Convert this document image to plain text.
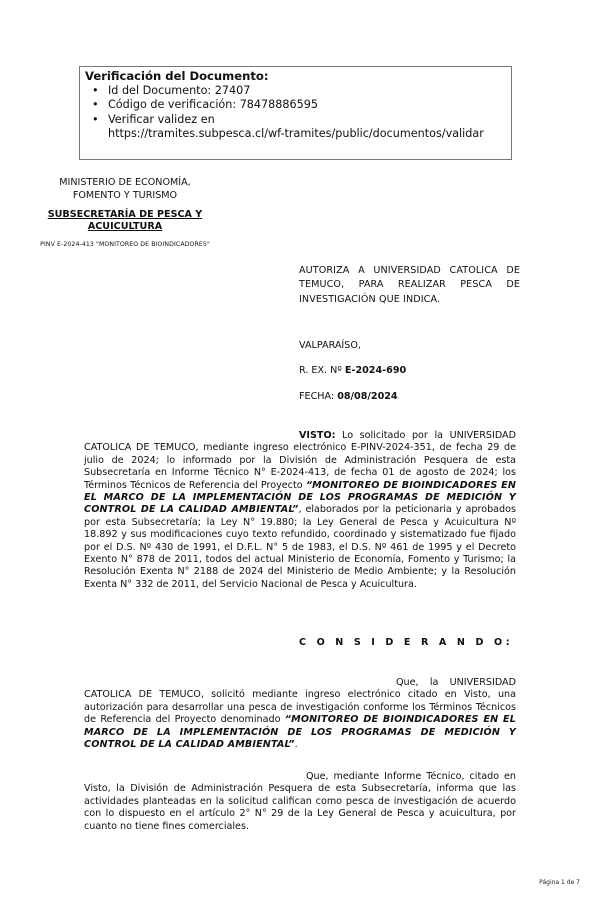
Verificación del Documento:
• Id del Documento: 27407
• Código de verificación: 78478886595
• Verificar validez en
https://tramites.subpesca.cl/wf-tramites/public/documentos/validar
MINISTERIO DE ECONOMÍA,
FOMENTO Y TURISMO
SUBSECRETARÍA DE PESCA Y ACUICULTURA
PINV E-2024-413 "MONITOREO DE BIOINDICADORES"
AUTORIZA A UNIVERSIDAD CATOLICA DE TEMUCO, PARA REALIZAR PESCA DE INVESTIGACIÓN QUE INDICA.
VALPARAÍSO,
R. EX. Nº E-2024-690
FECHA: 08/08/2024
VISTO: Lo solicitado por la UNIVERSIDAD CATOLICA DE TEMUCO, mediante ingreso electrónico E-PINV-2024-351, de fecha 29 de julio de 2024; lo informado por la División de Administración Pesquera de esta Subsecretaría en Informe Técnico N° E-2024-413, de fecha 01 de agosto de 2024; los Términos Técnicos de Referencia del Proyecto “MONITOREO DE BIOINDICADORES EN EL MARCO DE LA IMPLEMENTACIÓN DE LOS PROGRAMAS DE MEDICIÓN Y CONTROL DE LA CALIDAD AMBIENTAL”, elaborados por la peticionaria y aprobados por esta Subsecretaría; la Ley N° 19.880; la Ley General de Pesca y Acuicultura Nº 18.892 y sus modificaciones cuyo texto refundido, coordinado y sistematizado fue fijado por el D.S. Nº 430 de 1991, el D.F.L. N° 5 de 1983, el D.S. Nº 461 de 1995 y el Decreto Exento N° 878 de 2011, todos del actual Ministerio de Economía, Fomento y Turismo; la Resolución Exenta N° 2188 de 2024 del Ministerio de Medio Ambiente; y la Resolución Exenta N° 332 de 2011, del Servicio Nacional de Pesca y Acuicultura.
C O N S I D E R A N D O:
Que, la UNIVERSIDAD CATOLICA DE TEMUCO, solicitó mediante ingreso electrónico citado en Visto, una autorización para desarrollar una pesca de investigación conforme los Términos Técnicos de Referencia del Proyecto denominado “MONITOREO DE BIOINDICADORES EN EL MARCO DE LA IMPLEMENTACIÓN DE LOS PROGRAMAS DE MEDICIÓN Y CONTROL DE LA CALIDAD AMBIENTAL”.
Que, mediante Informe Técnico, citado en Visto, la División de Administración Pesquera de esta Subsecretaría, informa que las actividades planteadas en la solicitud califican como pesca de investigación de acuerdo con lo dispuesto en el artículo 2° N° 29 de la Ley General de Pesca y acuicultura, por cuanto no tiene fines comerciales.
Página 1 de 7
